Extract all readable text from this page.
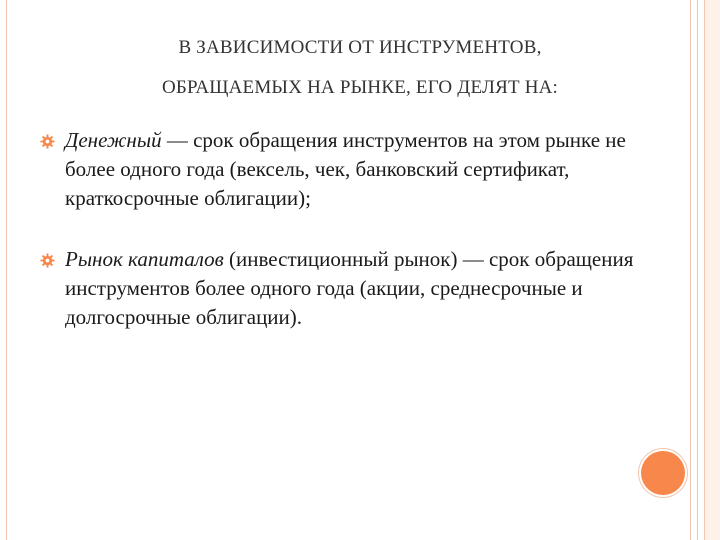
В ЗАВИСИМОСТИ ОТ ИНСТРУМЕНТОВ,
ОБРАЩАЕМЫХ НА РЫНКЕ, ЕГО ДЕЛЯТ НА:
Денежный — срок обращения инструментов на этом рынке не более одного года (вексель, чек, банковский сертификат, краткосрочные облигации);
Рынок капиталов (инвестиционный рынок) — срок обращения инструментов более одного года (акции, среднесрочные и долгосрочные облигации).
